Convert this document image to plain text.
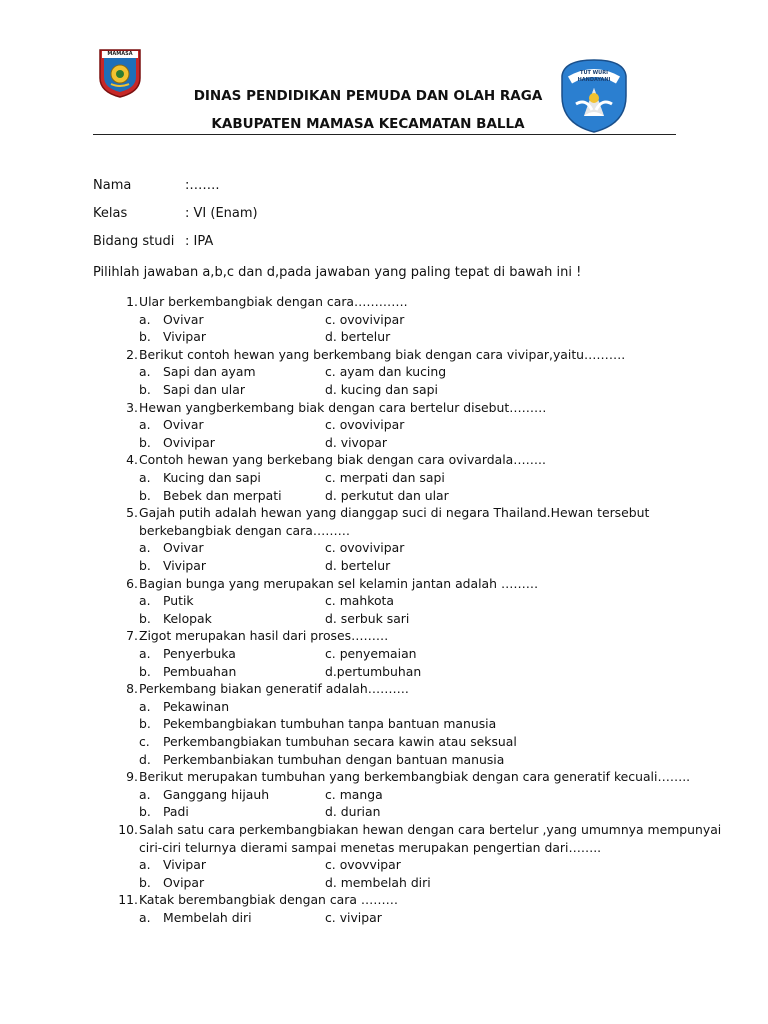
MAMASA
TUT WURI HANDAYANI
DINAS PENDIDIKAN PEMUDA DAN OLAH RAGA
KABUPATEN MAMASA KECAMATAN BALLA
Nama	:…….
Kelas	: VI (Enam)
Bidang studi : IPA
Pilihlah jawaban a,b,c dan d,pada jawaban yang paling tepat di bawah ini !
1. Ular berkembangbiak dengan cara………….
a. Ovivar	c. ovovivipar
b. Vivipar	d. bertelur
2. Berikut contoh hewan yang berkembang biak dengan cara vivipar,yaitu……….
a. Sapi dan ayam	c. ayam dan kucing
b. Sapi dan ular	d. kucing dan sapi
3. Hewan yangberkembang biak dengan cara bertelur disebut………
a. Ovivar	c. ovovivipar
b. Ovivipar	d. vivopar
4. Contoh hewan yang berkebang biak dengan cara ovivardala……..
a. Kucing dan sapi	c. merpati dan sapi
b. Bebek dan merpati	d. perkutut dan ular
5. Gajah putih adalah hewan yang dianggap suci di negara Thailand.Hewan tersebut
berkebangbiak dengan cara………
a. Ovivar	c. ovovivipar
b. Vivipar	d. bertelur
6. Bagian bunga yang merupakan sel kelamin jantan adalah ………
a. Putik	c. mahkota
b. Kelopak	d. serbuk sari
7. Zigot merupakan hasil dari proses………
a. Penyerbuka	c. penyemaian
b. Pembuahan	d.pertumbuhan
8. Perkembang biakan generatif adalah……….
a. Pekawinan
b. Pekembangbiakan tumbuhan tanpa bantuan manusia
c. Perkembangbiakan tumbuhan secara kawin atau seksual
d. Perkembanbiakan tumbuhan dengan bantuan manusia
9. Berikut merupakan tumbuhan yang berkembangbiak dengan cara generatif kecuali……..
a. Ganggang hijauh	c. manga
b. Padi	d. durian
10. Salah satu cara perkembangbiakan hewan dengan cara bertelur ,yang umumnya mempunyai
ciri-ciri telurnya dierami sampai menetas merupakan pengertian dari……..
a. Vivipar	c. ovovvipar
b. Ovipar	d. membelah diri
11. Katak berembangbiak dengan cara ………
a. Membelah diri	c. vivipar
